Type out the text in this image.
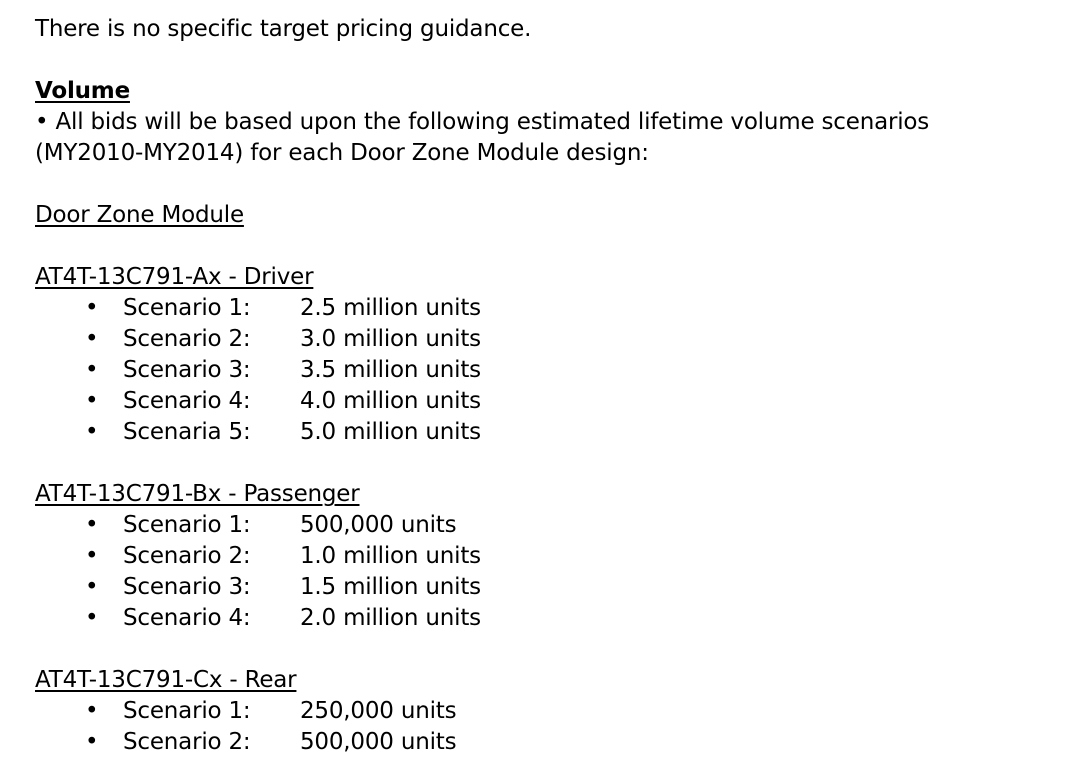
There is no specific target pricing guidance.
Volume
• All bids will be based upon the following estimated lifetime volume scenarios
(MY2010-MY2014) for each Door Zone Module design:
Door Zone Module
AT4T-13C791-Ax - Driver
•	Scenario 1:	2.5 million units
•	Scenario 2:	3.0 million units
•	Scenario 3:	3.5 million units
•	Scenario 4:	4.0 million units
•	Scenaria 5:	5.0 million units
AT4T-13C791-Bx - Passenger
•	Scenario 1:	500,000 units
•	Scenario 2:	1.0 million units
•	Scenario 3:	1.5 million units
•	Scenario 4:	2.0 million units
AT4T-13C791-Cx - Rear
•	Scenario 1:	250,000 units
•	Scenario 2:	500,000 units
